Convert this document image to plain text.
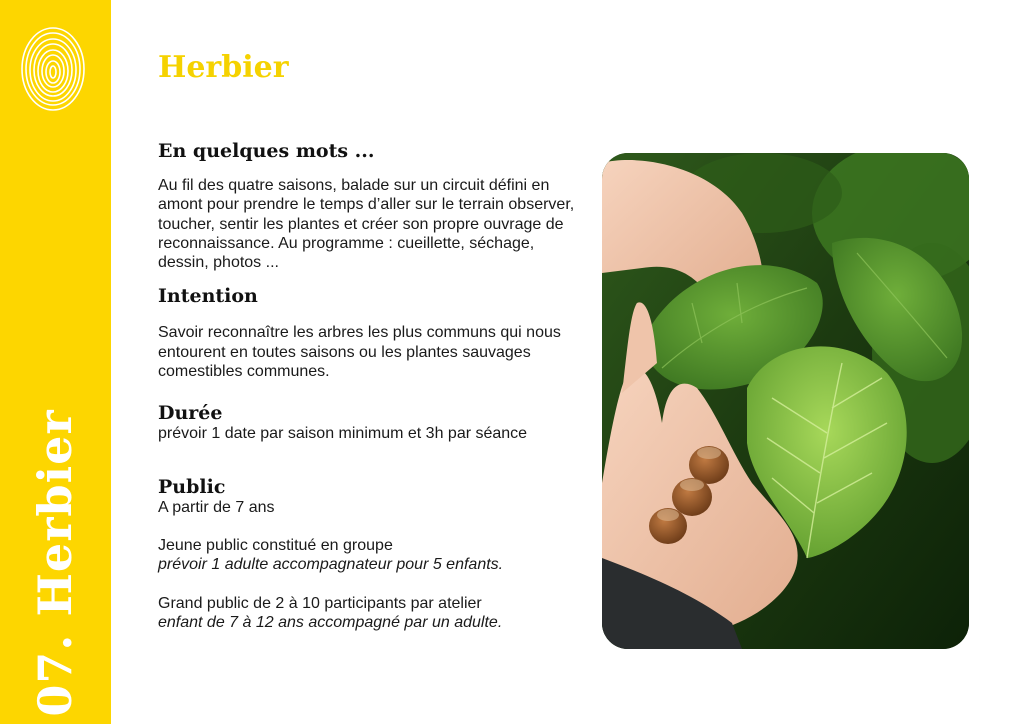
07. Herbier
Herbier
En quelques mots ...

Au fil des quatre saisons, balade sur un circuit défini en amont pour prendre le temps d’aller sur le terrain observer, toucher, sentir les plantes et créer son propre ouvrage de reconnaissance. Au programme : cueillette, séchage, dessin, photos ...

Intention

Savoir reconnaître les arbres les plus communs qui nous entourent en toutes saisons ou les plantes sauvages comestibles communes.

Durée

prévoir 1 date par saison minimum et 3h par séance

Public

A partir de 7 ans

Jeune public constitué en groupe

prévoir 1 adulte accompagnateur pour 5 enfants.

Grand public de 2 à 10 participants par atelier

enfant de 7 à 12 ans accompagné par un adulte.
